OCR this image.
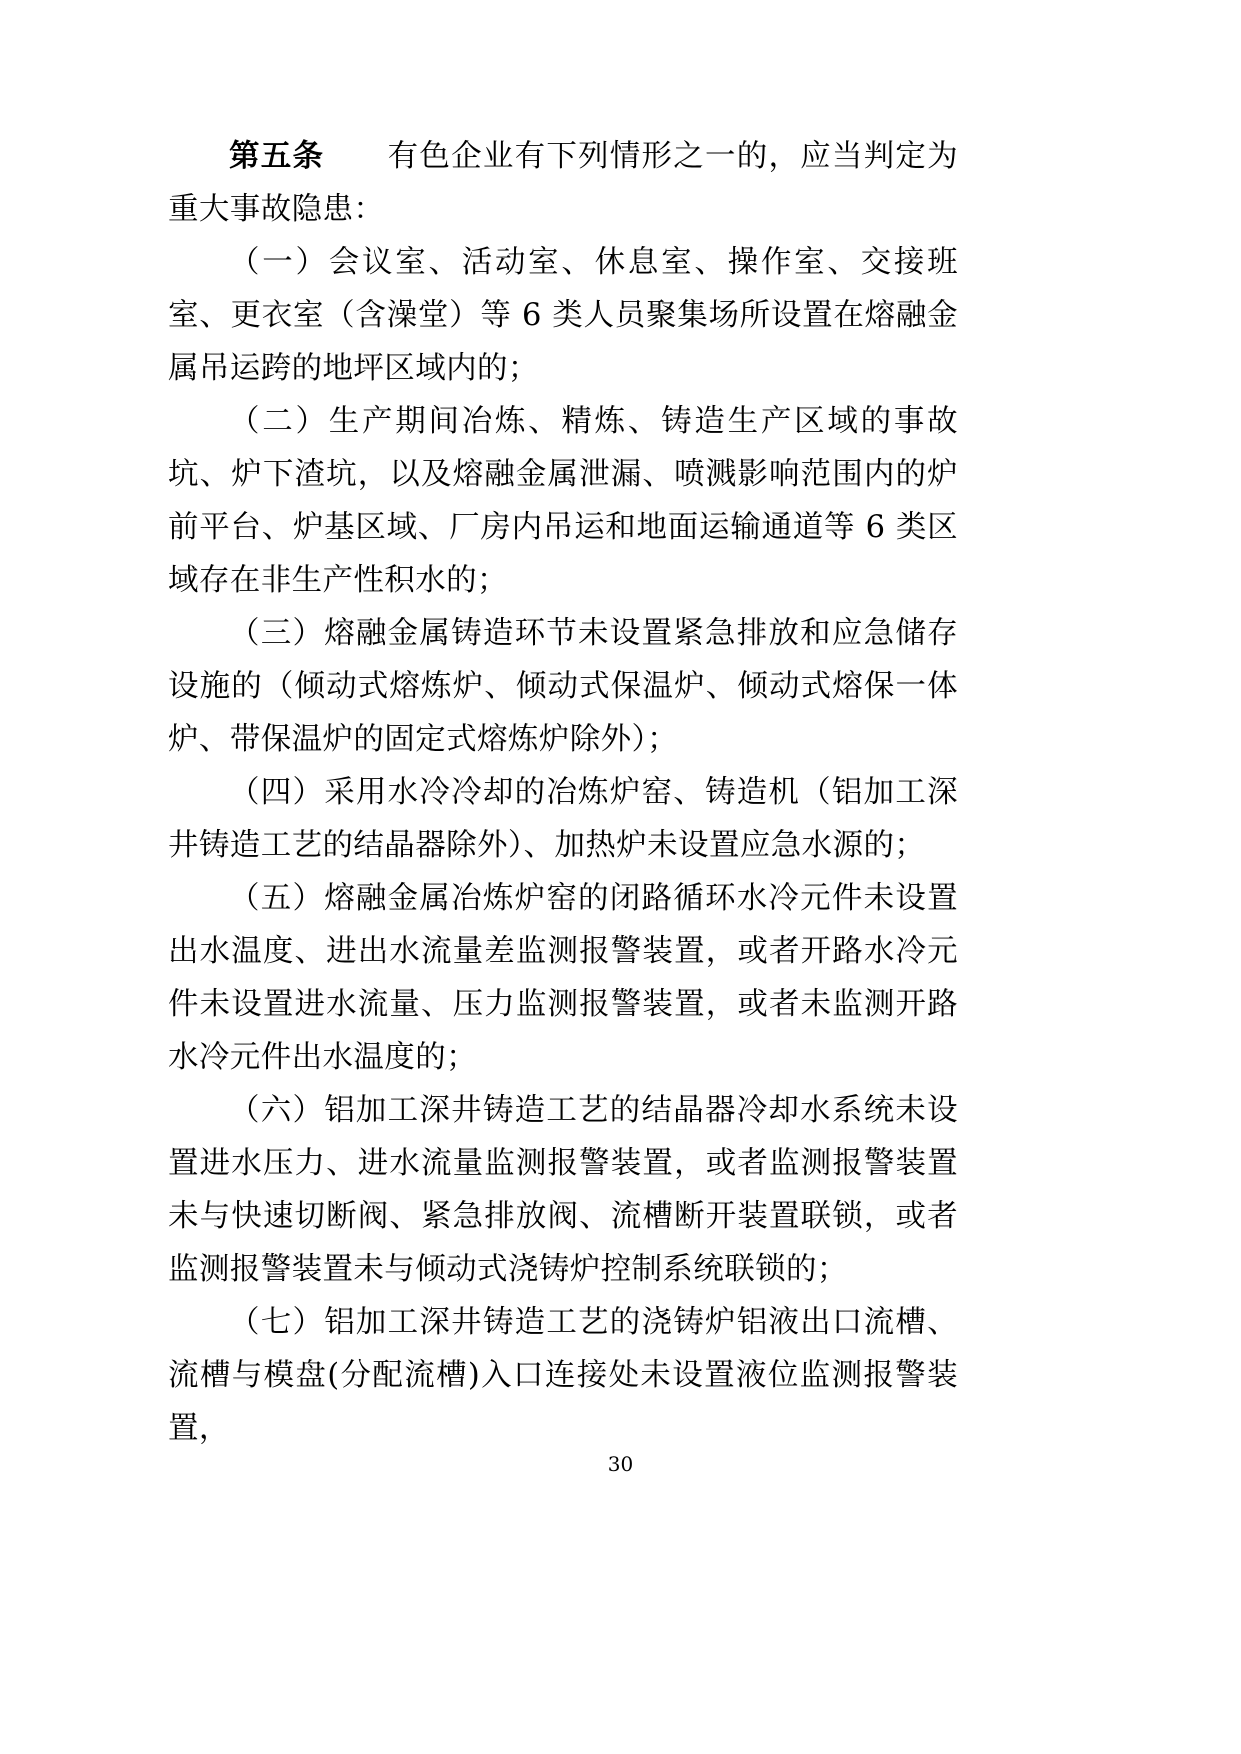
第五条　　 有色企业有下列情形之一的，应当判定为重大事故隐患：

（一）会议室、活动室、休息室、操作室、交接班室、更衣室（含澡堂）等 6 类人员聚集场所设置在熔融金属吊运跨的地坪区域内的；

（二）生产期间冶炼、精炼、铸造生产区域的事故坑、炉下渣坑，以及熔融金属泄漏、喷溅影响范围内的炉前平台、炉基区域、厂房内吊运和地面运输通道等 6 类区域存在非生产性积水的；

（三）熔融金属铸造环节未设置紧急排放和应急储存设施的（倾动式熔炼炉、倾动式保温炉、倾动式熔保一体炉、带保温炉的固定式熔炼炉除外）；

（四）采用水冷冷却的冶炼炉窑、铸造机（铝加工深井铸造工艺的结晶器除外）、加热炉未设置应急水源的；

（五）熔融金属冶炼炉窑的闭路循环水冷元件未设置出水温度、进出水流量差监测报警装置，或者开路水冷元件未设置进水流量、压力监测报警装置，或者未监测开路水冷元件出水温度的；

（六）铝加工深井铸造工艺的结晶器冷却水系统未设置进水压力、进水流量监测报警装置，或者监测报警装置未与快速切断阀、紧急排放阀、流槽断开装置联锁，或者监测报警装置未与倾动式浇铸炉控制系统联锁的；

（七）铝加工深井铸造工艺的浇铸炉铝液出口流槽、流槽与模盘(分配流槽)入口连接处未设置液位监测报警装置，

30
